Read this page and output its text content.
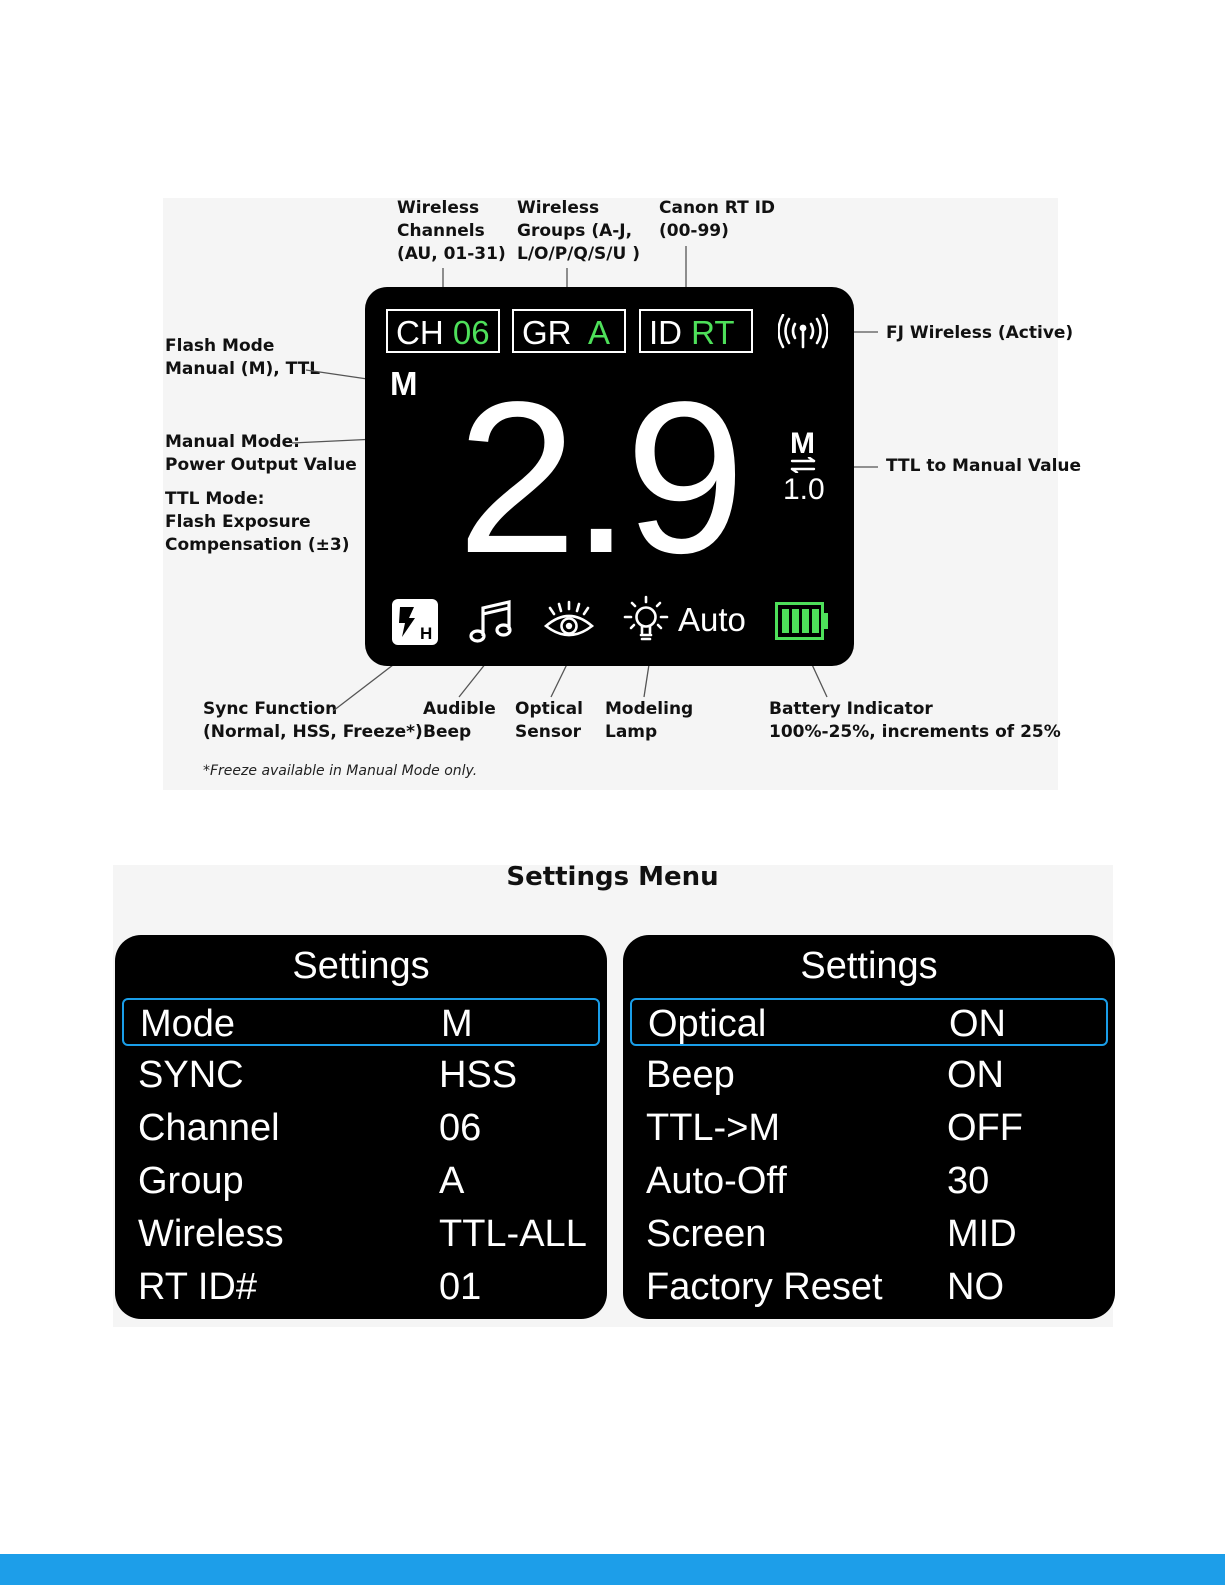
Wireless
Channels
(AU, 01-31)
Wireless
Groups (A-J,
L/O/P/Q/S/U )
Canon RT ID
(00-99)
FJ Wireless (Active)
Flash Mode
Manual (M), TTL
Manual Mode:
Power Output Value
TTL Mode:
Flash Exposure
Compensation (±3)
TTL to Manual Value
Sync Function
(Normal, HSS, Freeze*)
Audible
Beep
Optical
Sensor
Modeling
Lamp
Battery Indicator
100%-25%, increments of 25%
CH 06 GR A	ID RT
M 2.9	M
1.0
H	Auto
*Freeze available in Manual Mode only.
Settings Menu
Settings
Mode	M
SYNC	HSS
Channel	06
Group	A
Wireless	TTL-ALL
RT ID#	01
Settings
Optical	ON
Beep	ON
TTL->M	OFF
Auto-Off	30
Screen	MID
Factory Reset NO
